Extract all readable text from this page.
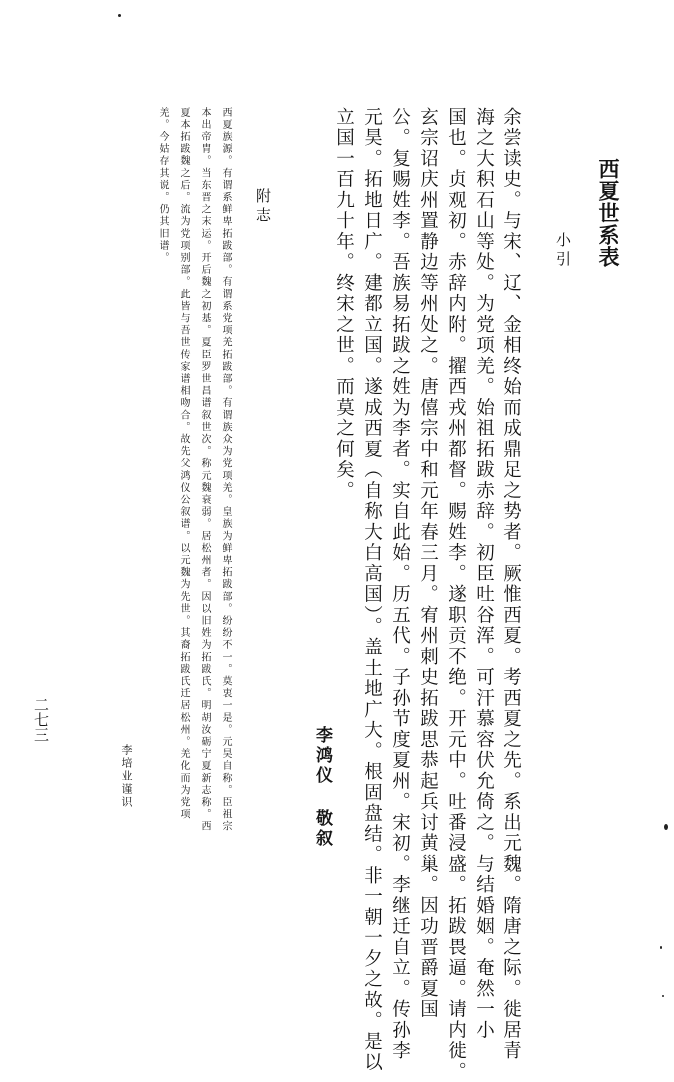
西夏世系表
小引
余尝读史。与宋、辽、金相终始而成鼎足之势者。厥惟西夏。考西夏之先。系出元魏。隋唐之际。徙居青
海之大积石山等处。为党项羌。始祖拓跋赤辞。初臣吐谷浑。可汗慕容伏允倚之。与结婚姻。奄然一小
国也。贞观初。赤辞内附。擢西戎州都督。赐姓李。遂职贡不绝。开元中。吐番浸盛。拓跋畏逼。请内徙。
玄宗诏庆州置静边等州处之。唐僖宗中和元年春三月。宥州刺史拓跋思恭起兵讨黄巢。因功晋爵夏国
公。复赐姓李。吾族易拓跋之姓为李者。实自此始。历五代。子孙节度夏州。宋初。李继迁自立。传孙李
元昊。拓地日广。建都立国。遂成西夏（自称大白高国）。盖土地广大。根固盘结。非一朝一夕之故。是以
立国一百九十年。终宋之世。而莫之何矣。
李鸿仪 敬叙
附志
西夏族源。有谓系鲜卑拓跋部。有谓系党项羌拓跋部。有谓族众为党项羌。皇族为鲜卑拓跋部。纷纷不一。莫衷一是。元昊自称。臣祖宗
本出帝胄。当东晋之末运。开后魏之初基。夏臣罗世昌谱叙世次。称元魏衰弱。居松州者。因以旧姓为拓跋氏。明胡汝砺宁夏新志称。西
夏本拓跋魏之后。流为党项别部。此皆与吾世传家谱相吻合。故先父鸿仪公叙谱。以元魏为先世。其裔拓跋氏迁居松州。羌化而为党项
羌。今姑存其说。仍其旧谱。
李培业谨识
二七三
